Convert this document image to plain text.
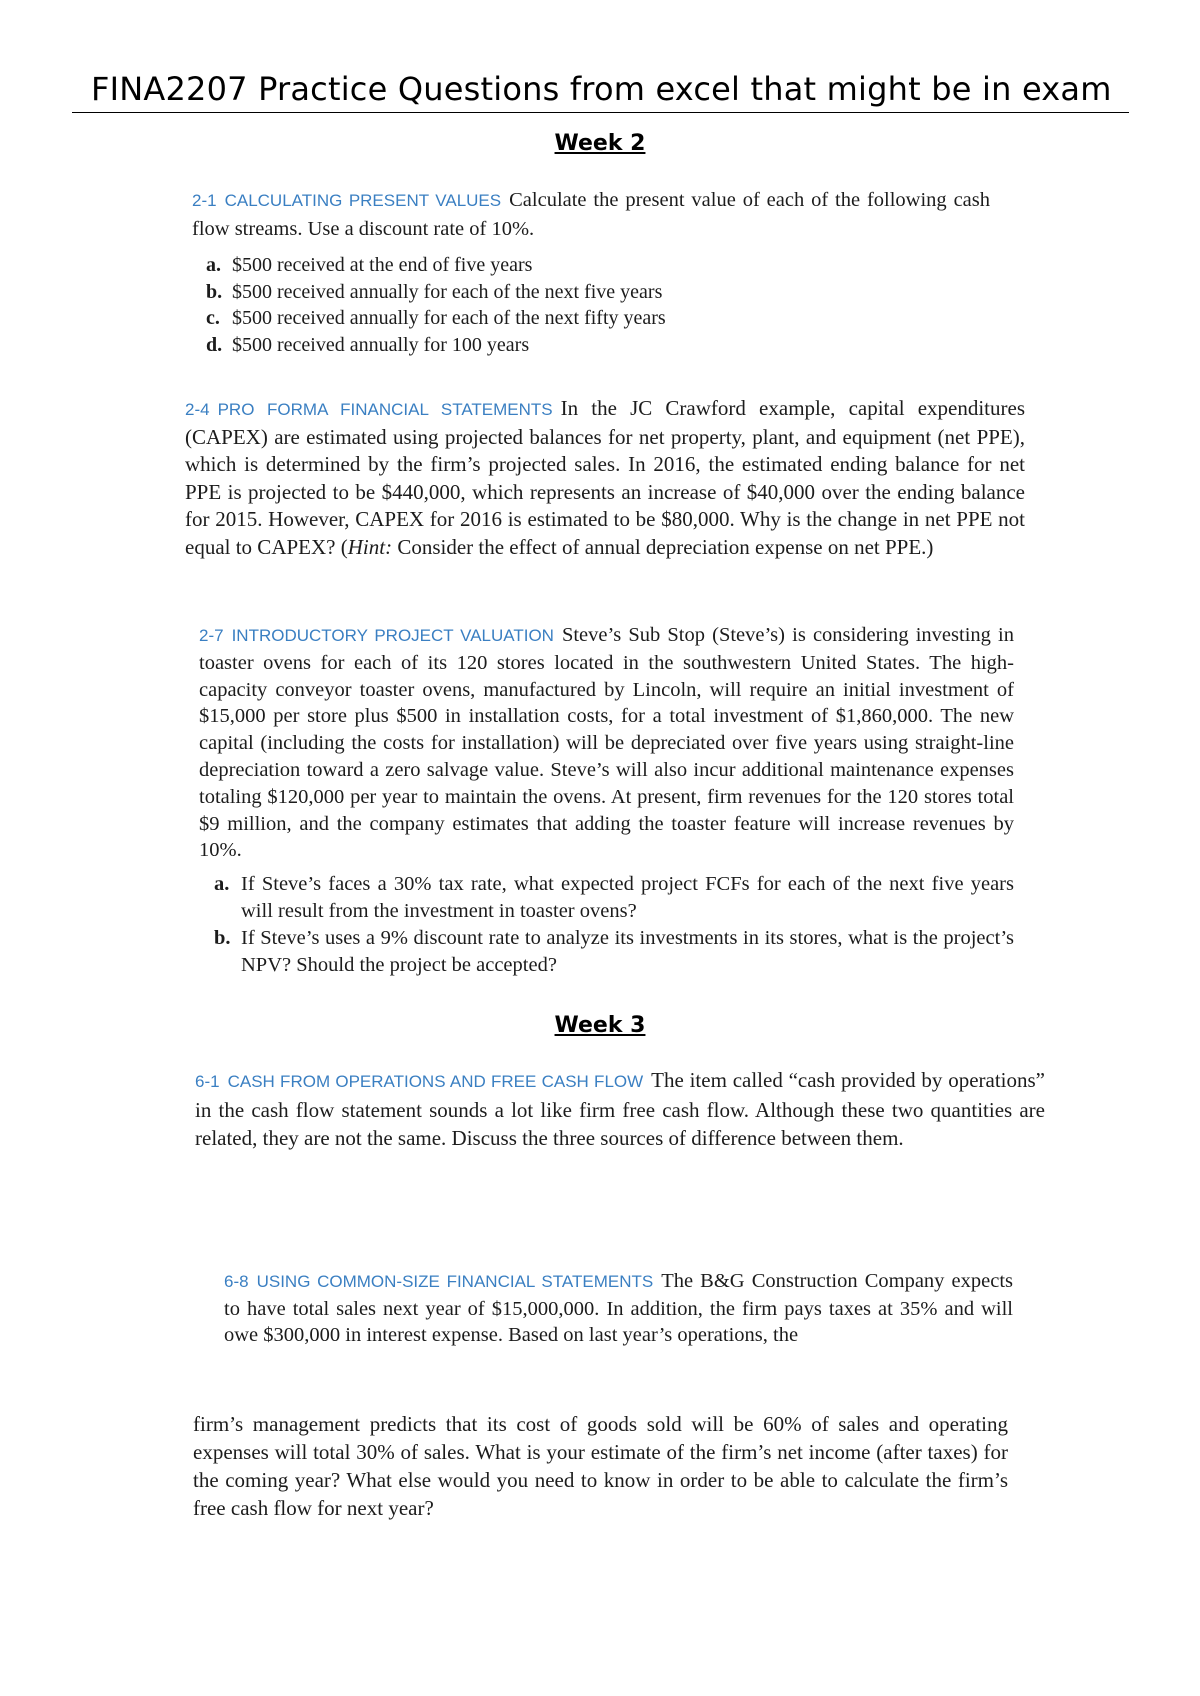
FINA2207 Practice Questions from excel that might be in exam
Week 2

2-1 CALCULATING PRESENT VALUES Calculate the present value of each of the following cash flow streams. Use a discount rate of 10%.

a. $500 received at the end of five years
b. $500 received annually for each of the next five years
c. $500 received annually for each of the next fifty years
d. $500 received annually for 100 years

2-4 PRO FORMA FINANCIAL STATEMENTS In the JC Crawford example, capital expenditures (CAPEX) are estimated using projected balances for net property, plant, and equipment (net PPE), which is determined by the firm’s projected sales. In 2016, the estimated ending balance for net PPE is projected to be $440,000, which represents an increase of $40,000 over the ending balance for 2015. However, CAPEX for 2016 is estimated to be $80,000. Why is the change in net PPE not equal to CAPEX? (Hint: Consider the effect of annual depreciation expense on net PPE.)

2-7 INTRODUCTORY PROJECT VALUATION Steve’s Sub Stop (Steve’s) is considering investing in toaster ovens for each of its 120 stores located in the southwestern United States. The high-capacity conveyor toaster ovens, manufactured by Lincoln, will require an initial investment of $15,000 per store plus $500 in installation costs, for a total investment of $1,860,000. The new capital (including the costs for installation) will be depreciated over five years using straight-line depreciation toward a zero salvage value. Steve’s will also incur additional maintenance expenses totaling $120,000 per year to maintain the ovens. At present, firm revenues for the 120 stores total $9 million, and the company estimates that adding the toaster feature will increase revenues by 10%.

a. If Steve’s faces a 30% tax rate, what expected project FCFs for each of the next five years will result from the investment in toaster ovens?
b. If Steve’s uses a 9% discount rate to analyze its investments in its stores, what is the project’s NPV? Should the project be accepted?
Week 3

6-1 CASH FROM OPERATIONS AND FREE CASH FLOW The item called “cash provided by operations” in the cash flow statement sounds a lot like firm free cash flow. Although these two quantities are related, they are not the same. Discuss the three sources of difference between them.

6-8 USING COMMON-SIZE FINANCIAL STATEMENTS The B&G Construction Company expects to have total sales next year of $15,000,000. In addition, the firm pays taxes at 35% and will owe $300,000 in interest expense. Based on last year’s operations, the

firm’s management predicts that its cost of goods sold will be 60% of sales and operating expenses will total 30% of sales. What is your estimate of the firm’s net income (after taxes) for the coming year? What else would you need to know in order to be able to calculate the firm’s free cash flow for next year?
